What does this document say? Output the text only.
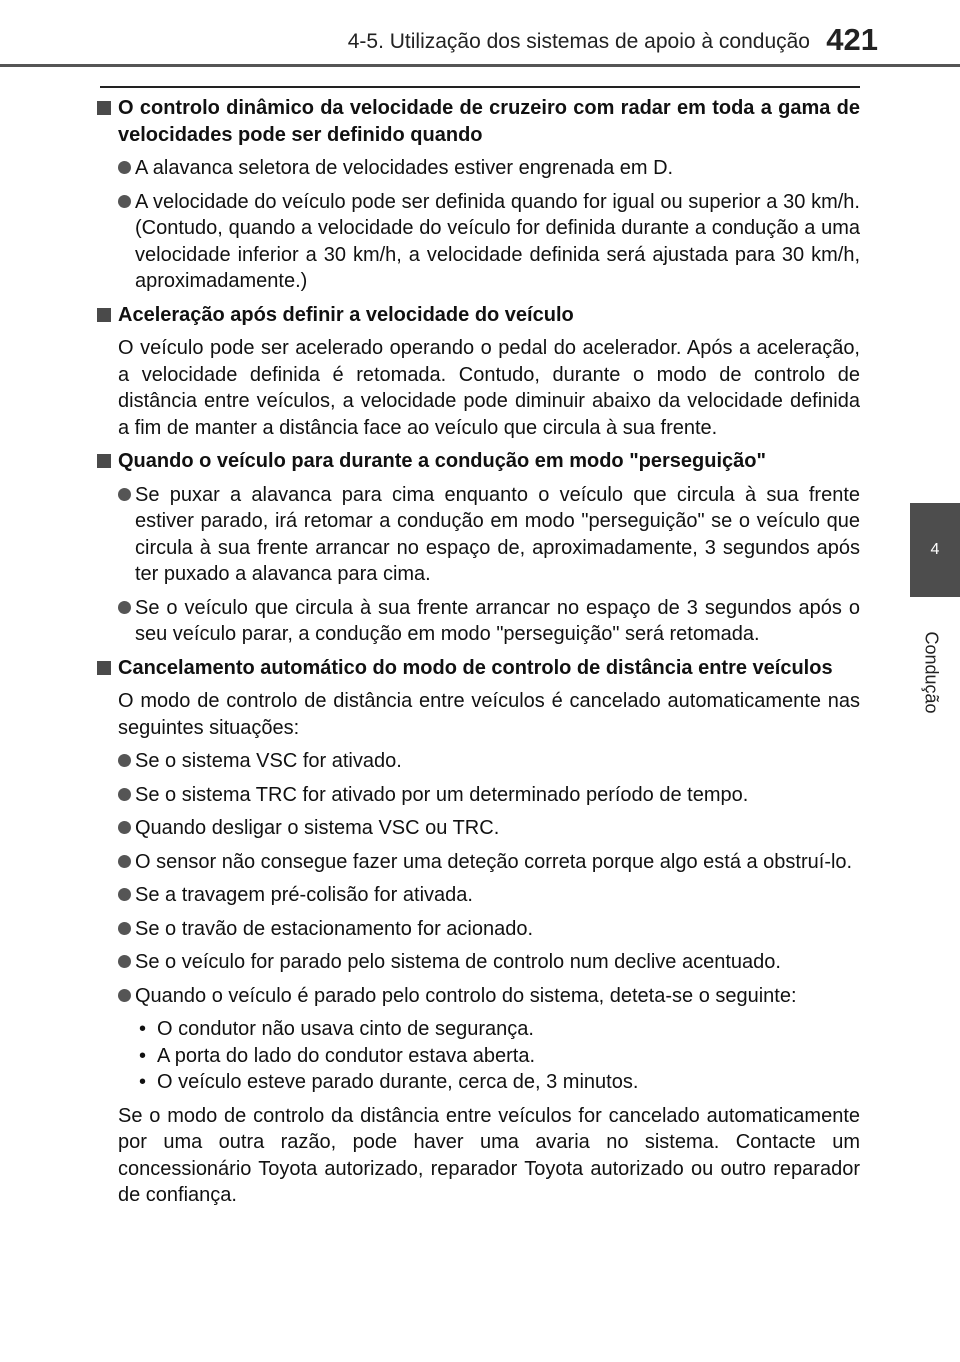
4-5. Utilização dos sistemas de apoio à condução 421
4
Condução
O controlo dinâmico da velocidade de cruzeiro com radar em toda a gama de velocidades pode ser definido quando
A alavanca seletora de velocidades estiver engrenada em D.
A velocidade do veículo pode ser definida quando for igual ou superior a 30 km/h. (Contudo, quando a velocidade do veículo for definida durante a condução a uma velocidade inferior a 30 km/h, a velocidade definida será ajustada para 30 km/h, aproximadamente.)
Aceleração após definir a velocidade do veículo
O veículo pode ser acelerado operando o pedal do acelerador. Após a aceleração, a velocidade definida é retomada. Contudo, durante o modo de controlo de distância entre veículos, a velocidade pode diminuir abaixo da velocidade definida a fim de manter a distância face ao veículo que circula à sua frente.
Quando o veículo para durante a condução em modo "perseguição"
Se puxar a alavanca para cima enquanto o veículo que circula à sua frente estiver parado, irá retomar a condução em modo "perseguição" se o veículo que circula à sua frente arrancar no espaço de, aproximadamente, 3 segundos após ter puxado a alavanca para cima.
Se o veículo que circula à sua frente arrancar no espaço de 3 segundos após o seu veículo parar, a condução em modo "perseguição" será retomada.
Cancelamento automático do modo de controlo de distância entre veículos
O modo de controlo de distância entre veículos é cancelado automaticamente nas seguintes situações:
Se o sistema VSC for ativado.
Se o sistema TRC for ativado por um determinado período de tempo.
Quando desligar o sistema VSC ou TRC.
O sensor não consegue fazer uma deteção correta porque algo está a obstruí-lo.
Se a travagem pré-colisão for ativada.
Se o travão de estacionamento for acionado.
Se o veículo for parado pelo sistema de controlo num declive acentuado.
Quando o veículo é parado pelo controlo do sistema, deteta-se o seguinte:
• O condutor não usava cinto de segurança.
• A porta do lado do condutor estava aberta.
• O veículo esteve parado durante, cerca de, 3 minutos.
Se o modo de controlo da distância entre veículos for cancelado automaticamente por uma outra razão, pode haver uma avaria no sistema. Contacte um concessionário Toyota autorizado, reparador Toyota autorizado ou outro reparador de confiança.
